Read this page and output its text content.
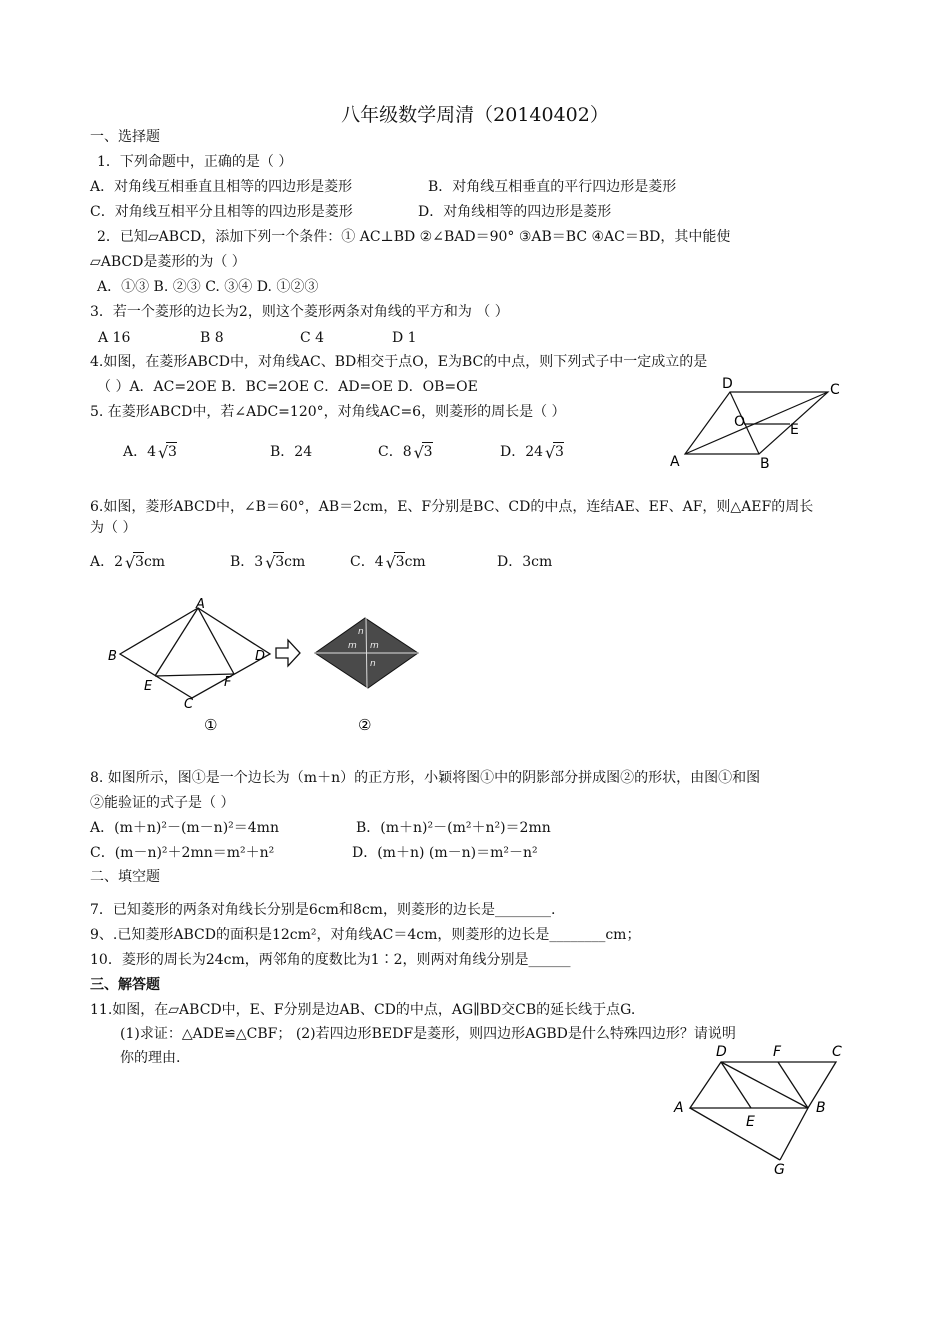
八年级数学周清（20140402）
一、选择题
1．下列命题中，正确的是（ ）
A．对角线互相垂直且相等的四边形是菱形	B．对角线互相垂直的平行四边形是菱形
C．对角线互相平分且相等的四边形是菱形	D．对角线相等的四边形是菱形
2．已知▱ABCD，添加下列一个条件：① AC⊥BD ②∠BAD＝90° ③AB＝BC ④AC＝BD，其中能使
▱ABCD是菱形的为（ ）
A．①③ B. ②③ C. ③④ D. ①②③
3．若一个菱形的边长为2，则这个菱形两条对角线的平方和为 （ ）
A 16	B 8	C 4	D 1
4.如图，在菱形ABCD中，对角线AC、BD相交于点O，E为BC的中点，则下列式子中一定成立的是
（ ）A．AC=2OE B．BC=2OE C．AD=OE D．OB=OE
5. 在菱形ABCD中，若∠ADC=120°，对角线AC=6，则菱形的周长是（ ）
A．4 √ 3	B．24	C．8 √ 3	D．24 √ 3
D	C
O	E
A	B
6.如图，菱形ABCD中，∠B＝60°，AB＝2cm，E、F分别是BC、CD的中点，连结AE、EF、AF，则△AEF的周长
为（ ）
A．2 √ 3cm	B．3 √ 3cm	C．4 √ 3cm	D．3cm
n
m m
n
A
B	D
E	F
C
①	②
8. 如图所示，图①是一个边长为（m＋n）的正方形，小颖将图①中的阴影部分拼成图②的形状，由图①和图
②能验证的式子是（ ）
A．(m＋n)²－(m－n)²＝4mn	B．(m＋n)²－(m²＋n²)＝2mn
C．(m－n)²＋2mn＝m²＋n²	D．(m＋n) (m－n)＝m²－n²
二、填空题
7．已知菱形的两条对角线长分别是6cm和8cm，则菱形的边长是________.
9、.已知菱形ABCD的面积是12cm²，对角线AC＝4cm，则菱形的边长是________cm；
10．菱形的周长为24cm，两邻角的度数比为1∶2，则两对角线分别是______
三、解答题
11.如图，在▱ABCD中，E、F分别是边AB、CD的中点，AG∥BD交CB的延长线于点G.
(1)求证：△ADE≌△CBF； (2)若四边形BEDF是菱形，则四边形AGBD是什么特殊四边形？请说明
你的理由.	D	F	C
A	B
E
G
